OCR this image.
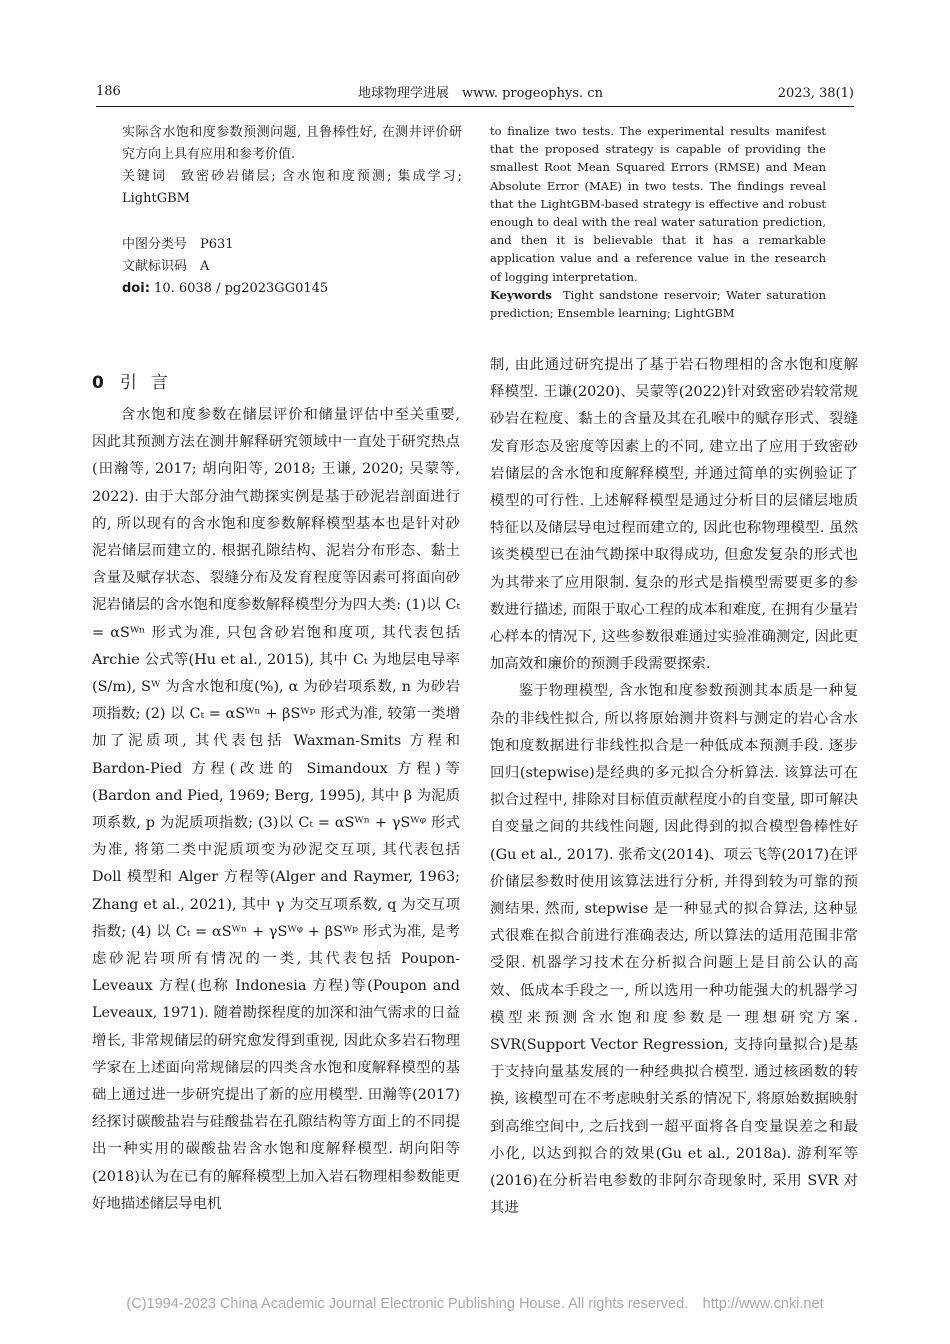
186	地球物理学进展　www. progeophys. cn	2023, 38(1)

实际含水饱和度参数预测问题, 且鲁棒性好, 在测井评价研究方向上具有应用和参考价值.

关键词 致密砂岩储层; 含水饱和度预测; 集成学习; LightGBM

中图分类号　P631
文献标识码　A
doi: 10. 6038 / pg2023GG0145

to finalize two tests. The experimental results manifest that the proposed strategy is capable of providing the smallest Root Mean Squared Errors (RMSE) and Mean Absolute Error (MAE) in two tests. The findings reveal that the LightGBM-based strategy is effective and robust enough to deal with the real water saturation prediction, and then it is believable that it has a remarkable application value and a reference value in the research of logging interpretation.

Keywords Tight sandstone reservoir; Water saturation prediction; Ensemble learning; LightGBM

0 引言

含水饱和度参数在储层评价和储量评估中至关重要, 因此其预测方法在测井解释研究领域中一直处于研究热点(田瀚等, 2017; 胡向阳等, 2018; 王谦, 2020; 吴蒙等, 2022). 由于大部分油气勘探实例是基于砂泥岩剖面进行的, 所以现有的含水饱和度参数解释模型基本也是针对砂泥岩储层而建立的. 根据孔隙结构、泥岩分布形态、黏土含量及赋存状态、裂缝分布及发育程度等因素可将面向砂泥岩储层的含水饱和度参数解释模型分为四大类: (1)以 Cₜ = αSᵂⁿ 形式为准, 只包含砂岩饱和度项, 其代表包括 Archie 公式等(Hu et al., 2015), 其中 Cₜ 为地层电导率(S/m), Sᵂ 为含水饱和度(%), α 为砂岩项系数, n 为砂岩项指数; (2) 以 Cₜ = αSᵂⁿ + βSᵂᵖ 形式为准, 较第一类增加了泥质项, 其代表包括 Waxman-Smits 方程和 Bardon-Pied 方程(改进的 Simandoux 方程)等(Bardon and Pied, 1969; Berg, 1995), 其中 β 为泥质项系数, p 为泥质项指数; (3)以 Cₜ = αSᵂⁿ + γSᵂᵠ 形式为准, 将第二类中泥质项变为砂泥交互项, 其代表包括 Doll 模型和 Alger 方程等(Alger and Raymer, 1963; Zhang et al., 2021), 其中 γ 为交互项系数, q 为交互项指数; (4) 以 Cₜ = αSᵂⁿ + γSᵂᵠ + βSᵂᵖ 形式为准, 是考虑砂泥岩项所有情况的一类, 其代表包括 Poupon-Leveaux 方程(也称 Indonesia 方程)等(Poupon and Leveaux, 1971). 随着勘探程度的加深和油气需求的日益增长, 非常规储层的研究愈发得到重视, 因此众多岩石物理学家在上述面向常规储层的四类含水饱和度解释模型的基础上通过进一步研究提出了新的应用模型. 田瀚等(2017)经探讨碳酸盐岩与硅酸盐岩在孔隙结构等方面上的不同提出一种实用的碳酸盐岩含水饱和度解释模型. 胡向阳等(2018)认为在已有的解释模型上加入岩石物理相参数能更好地描述储层导电机

制, 由此通过研究提出了基于岩石物理相的含水饱和度解释模型. 王谦(2020)、吴蒙等(2022)针对致密砂岩较常规砂岩在粒度、黏土的含量及其在孔喉中的赋存形式、裂缝发育形态及密度等因素上的不同, 建立出了应用于致密砂岩储层的含水饱和度解释模型, 并通过简单的实例验证了模型的可行性. 上述解释模型是通过分析目的层储层地质特征以及储层导电过程而建立的, 因此也称物理模型. 虽然该类模型已在油气勘探中取得成功, 但愈发复杂的形式也为其带来了应用限制. 复杂的形式是指模型需要更多的参数进行描述, 而限于取心工程的成本和难度, 在拥有少量岩心样本的情况下, 这些参数很难通过实验准确测定, 因此更加高效和廉价的预测手段需要探索.

鉴于物理模型, 含水饱和度参数预测其本质是一种复杂的非线性拟合, 所以将原始测井资料与测定的岩心含水饱和度数据进行非线性拟合是一种低成本预测手段. 逐步回归(stepwise)是经典的多元拟合分析算法. 该算法可在拟合过程中, 排除对目标值贡献程度小的自变量, 即可解决自变量之间的共线性问题, 因此得到的拟合模型鲁棒性好(Gu et al., 2017). 张希文(2014)、项云飞等(2017)在评价储层参数时使用该算法进行分析, 并得到较为可靠的预测结果. 然而, stepwise 是一种显式的拟合算法, 这种显式很难在拟合前进行准确表达, 所以算法的适用范围非常受限. 机器学习技术在分析拟合问题上是目前公认的高效、低成本手段之一, 所以选用一种功能强大的机器学习模型来预测含水饱和度参数是一理想研究方案. SVR(Support Vector Regression, 支持向量拟合)是基于支持向量基发展的一种经典拟合模型. 通过核函数的转换, 该模型可在不考虑映射关系的情况下, 将原始数据映射到高维空间中, 之后找到一超平面将各自变量误差之和最小化, 以达到拟合的效果(Gu et al., 2018a). 游利军等(2016)在分析岩电参数的非阿尔奇现象时, 采用 SVR 对其进

(C)1994-2023 China Academic Journal Electronic Publishing House. All rights reserved.　http://www.cnki.net
